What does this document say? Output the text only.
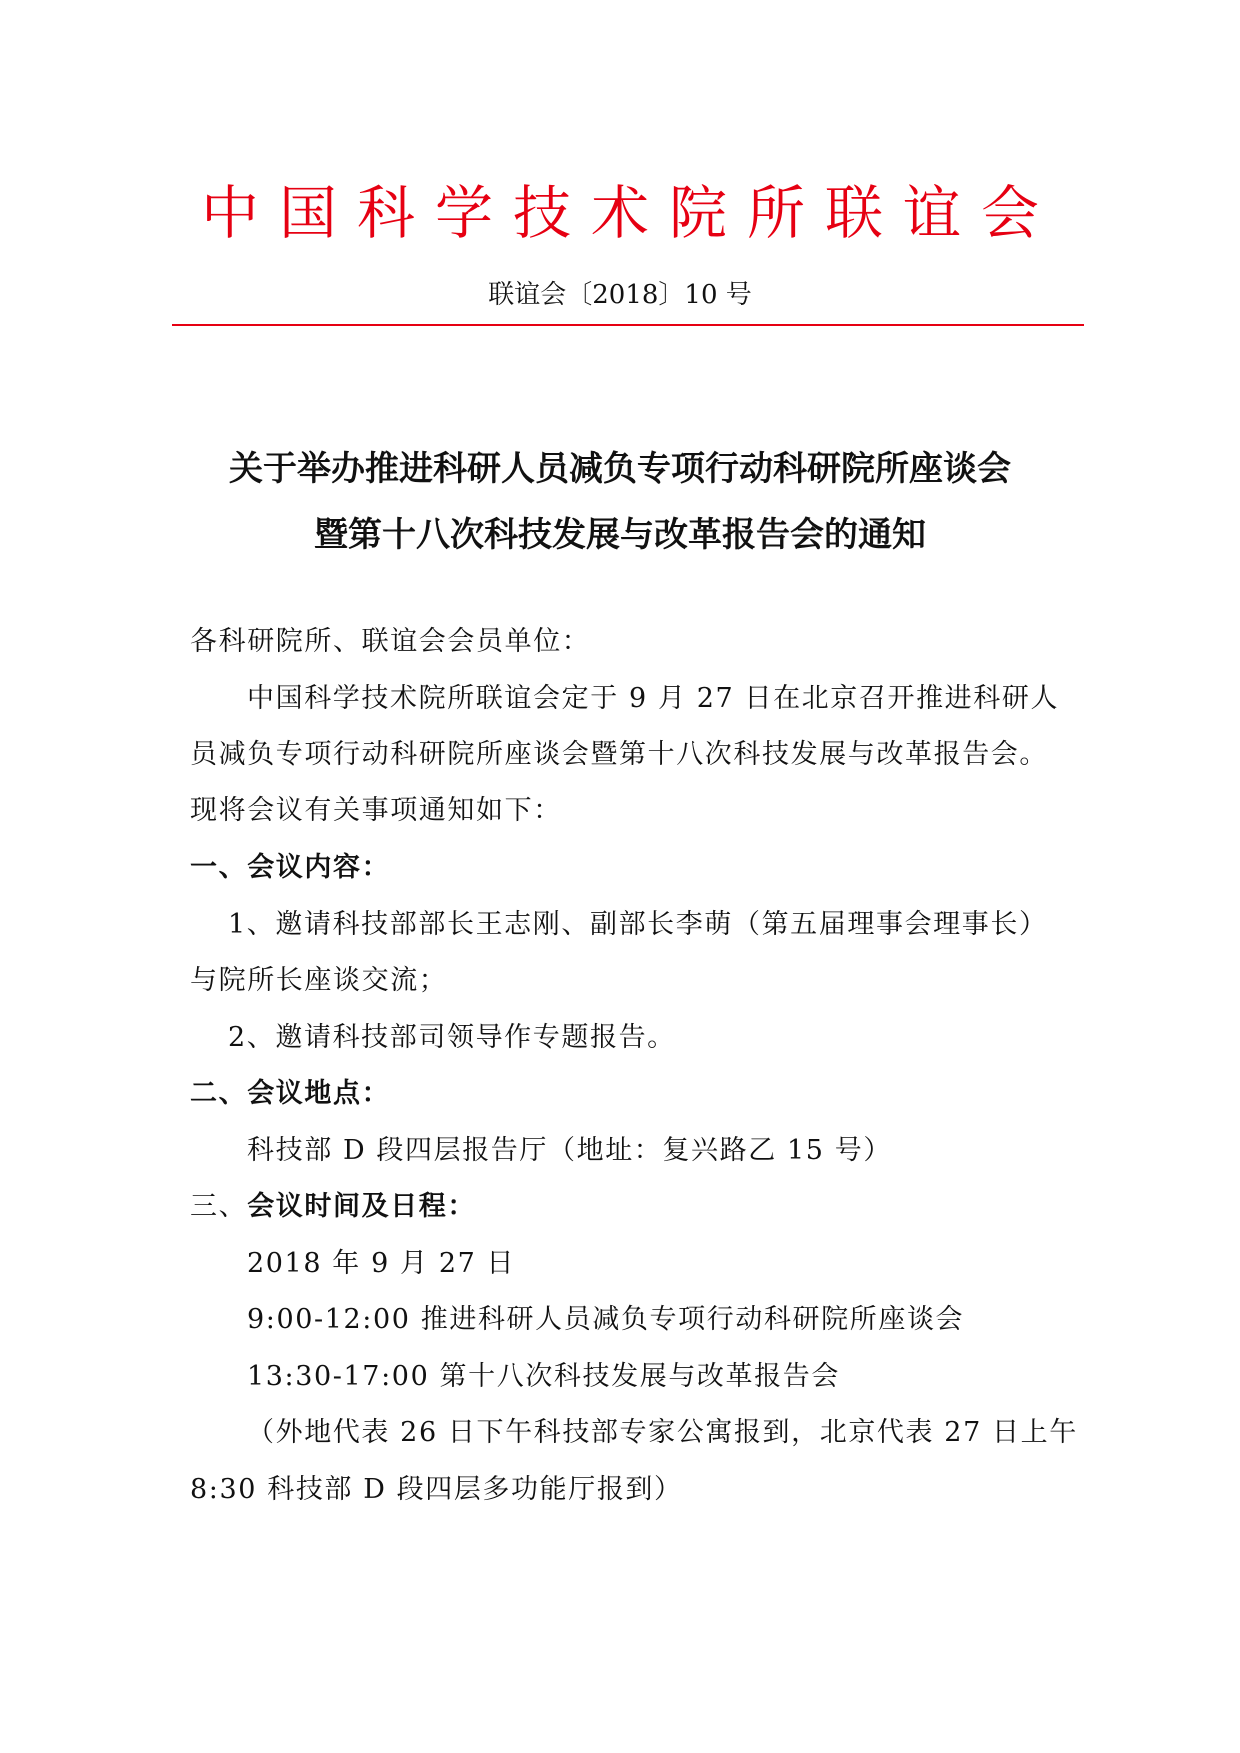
中国科学技术院所联谊会
联谊会〔2018〕10 号
关于举办推进科研人员减负专项行动科研院所座谈会
暨第十八次科技发展与改革报告会的通知
各科研院所、联谊会会员单位：
中国科学技术院所联谊会定于 9 月 27 日在北京召开推进科研人
员减负专项行动科研院所座谈会暨第十八次科技发展与改革报告会。
现将会议有关事项通知如下：
一、会议内容：
1、邀请科技部部长王志刚、副部长李萌（第五届理事会理事长）
与院所长座谈交流；
2、邀请科技部司领导作专题报告。
二、会议地点：
科技部 D 段四层报告厅（地址：复兴路乙 15 号）
三、会议时间及日程：
2018 年 9 月 27 日
9:00-12:00 推进科研人员减负专项行动科研院所座谈会
13:30-17:00 第十八次科技发展与改革报告会
（外地代表 26 日下午科技部专家公寓报到，北京代表 27 日上午
8:30 科技部 D 段四层多功能厅报到）
